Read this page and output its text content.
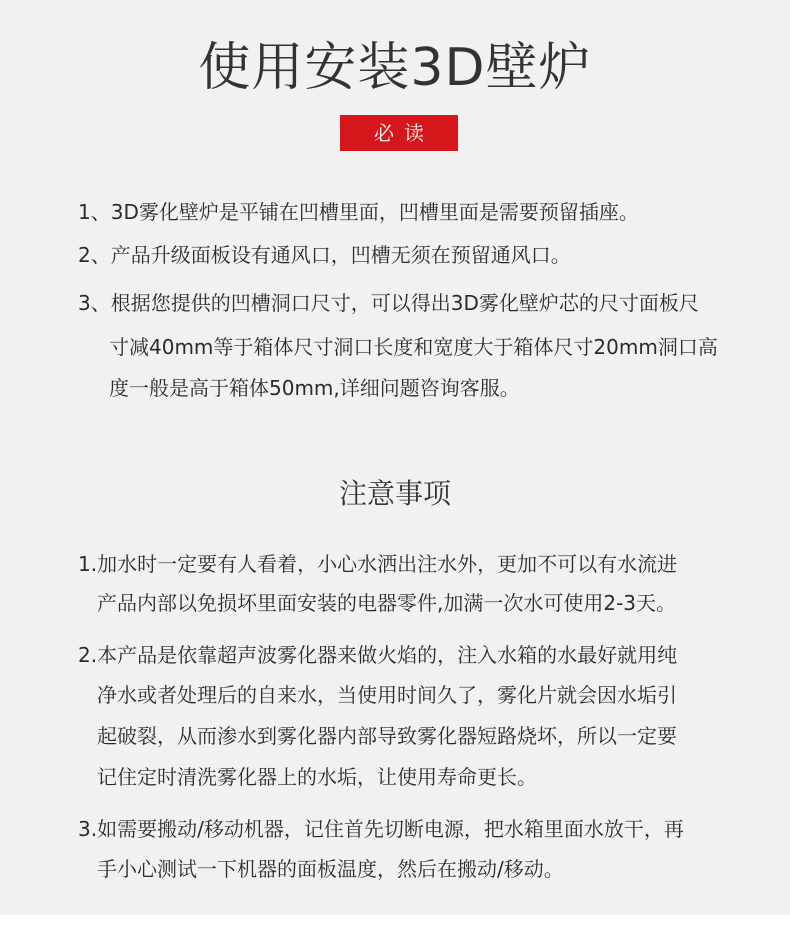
使用安装3D壁炉
必读
1、3D雾化壁炉是平铺在凹槽里面，凹槽里面是需要预留插座。
2、产品升级面板设有通风口，凹槽无须在预留通风口。
3、根据您提供的凹槽洞口尺寸，可以得出3D雾化壁炉芯的尺寸面板尺
寸减40mm等于箱体尺寸洞口长度和宽度大于箱体尺寸20mm洞口高
度一般是高于箱体50mm,详细问题咨询客服。
注意事项
1.加水时一定要有人看着，小心水洒出注水外，更加不可以有水流进
产品内部以免损坏里面安装的电器零件,加满一次水可使用2-3天。
2.本产品是依靠超声波雾化器来做火焰的，注入水箱的水最好就用纯
净水或者处理后的自来水，当使用时间久了，雾化片就会因水垢引
起破裂，从而渗水到雾化器内部导致雾化器短路烧坏，所以一定要
记住定时清洗雾化器上的水垢，让使用寿命更长。
3.如需要搬动/移动机器，记住首先切断电源，把水箱里面水放干，再
手小心测试一下机器的面板温度，然后在搬动/移动。
